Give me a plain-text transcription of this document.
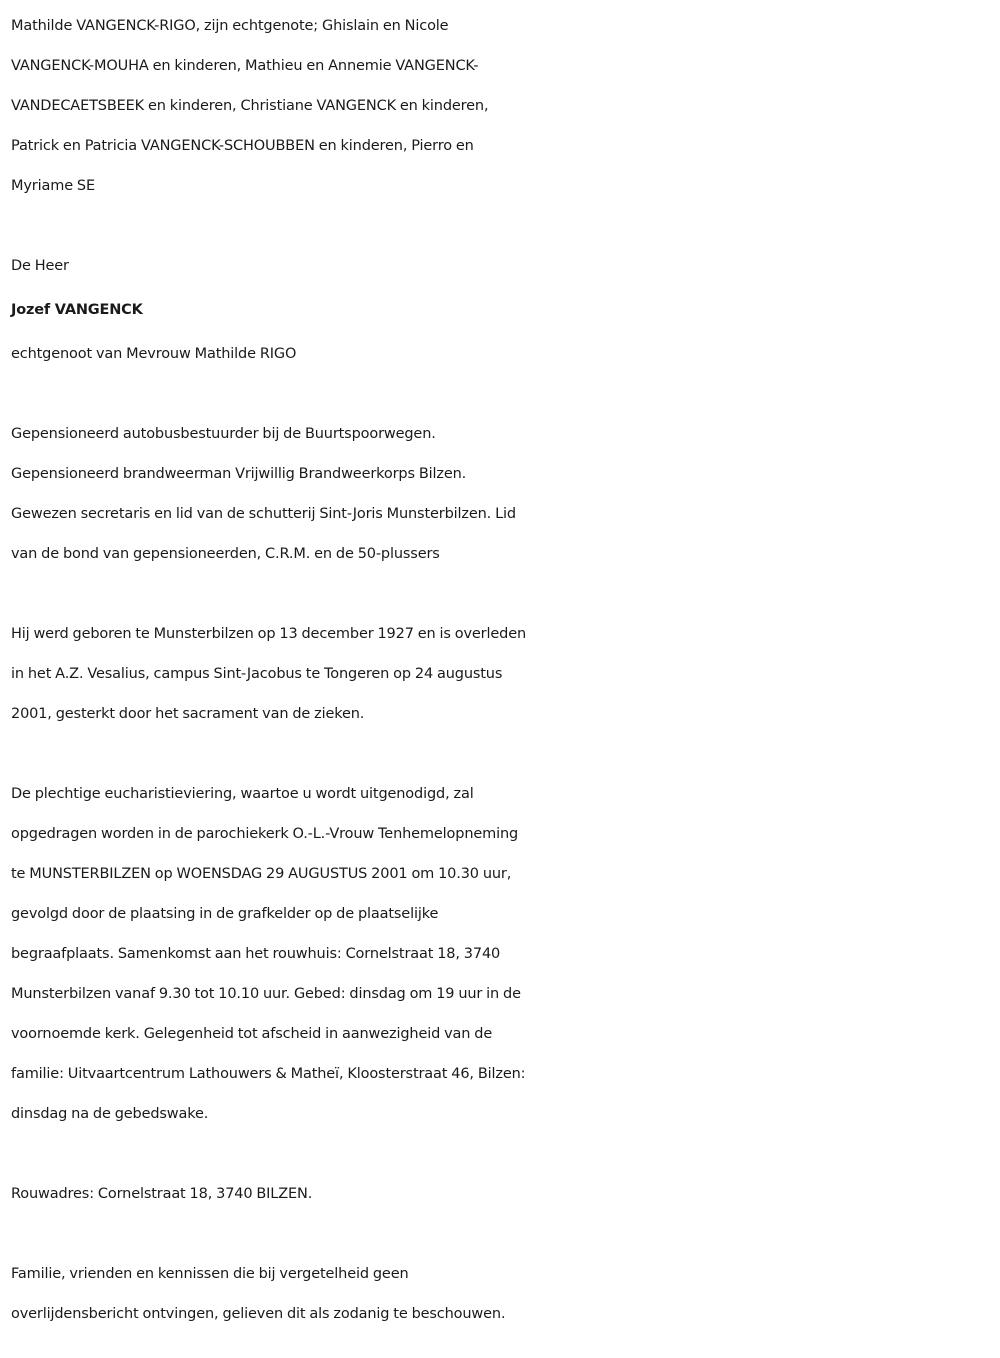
Mathilde VANGENCK-RIGO, zijn echtgenote; Ghislain en Nicole
VANGENCK-MOUHA en kinderen, Mathieu en Annemie VANGENCK-
VANDECAETSBEEK en kinderen, Christiane VANGENCK en kinderen,
Patrick en Patricia VANGENCK-SCHOUBBEN en kinderen, Pierro en
Myriame SE

De Heer

Jozef VANGENCK

echtgenoot van Mevrouw Mathilde RIGO

Gepensioneerd autobusbestuurder bij de Buurtspoorwegen.
Gepensioneerd brandweerman Vrijwillig Brandweerkorps Bilzen.
Gewezen secretaris en lid van de schutterij Sint-Joris Munsterbilzen. Lid
van de bond van gepensioneerden, C.R.M. en de 50-plussers

Hij werd geboren te Munsterbilzen op 13 december 1927 en is overleden
in het A.Z. Vesalius, campus Sint-Jacobus te Tongeren op 24 augustus
2001, gesterkt door het sacrament van de zieken.

De plechtige eucharistieviering, waartoe u wordt uitgenodigd, zal
opgedragen worden in de parochiekerk O.-L.-Vrouw Tenhemelopneming
te MUNSTERBILZEN op WOENSDAG 29 AUGUSTUS 2001 om 10.30 uur,
gevolgd door de plaatsing in de grafkelder op de plaatselijke
begraafplaats. Samenkomst aan het rouwhuis: Cornelstraat 18, 3740
Munsterbilzen vanaf 9.30 tot 10.10 uur. Gebed: dinsdag om 19 uur in de
voornoemde kerk. Gelegenheid tot afscheid in aanwezigheid van de
familie: Uitvaartcentrum Lathouwers & Matheï, Kloosterstraat 46, Bilzen:
dinsdag na de gebedswake.

Rouwadres: Cornelstraat 18, 3740 BILZEN.

Familie, vrienden en kennissen die bij vergetelheid geen
overlijdensbericht ontvingen, gelieven dit als zodanig te beschouwen.
